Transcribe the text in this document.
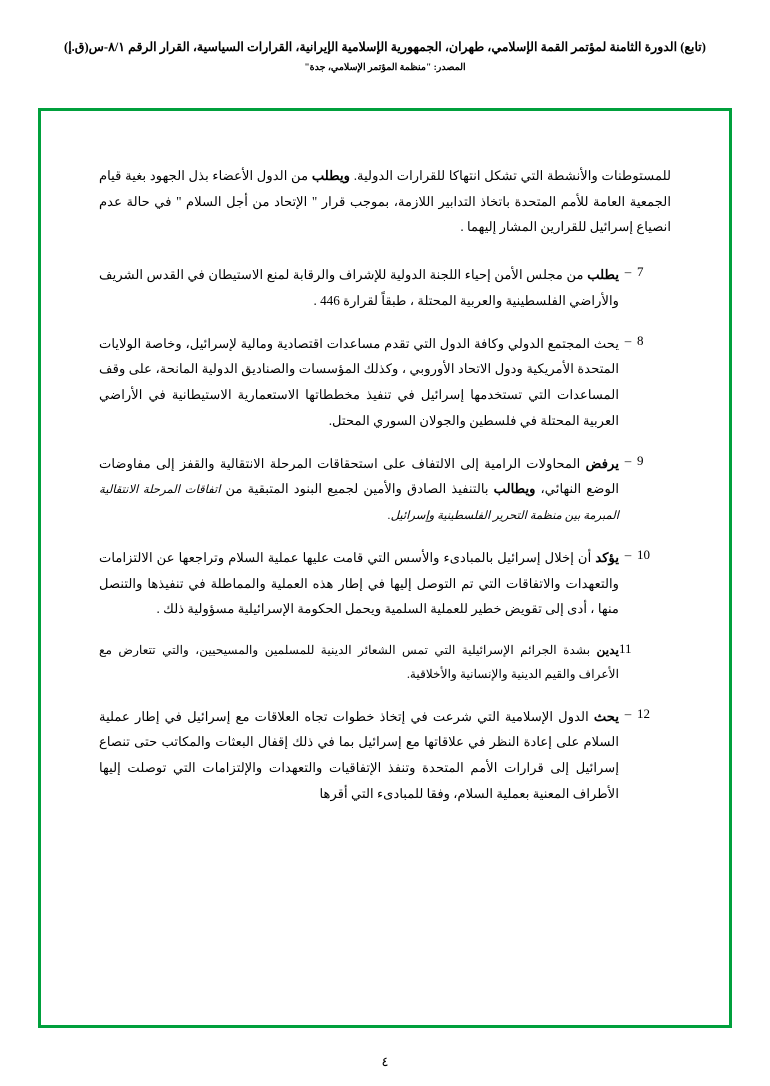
(تابع) الدورة الثامنة لمؤتمر القمة الإسلامي، طهران، الجمهورية الإسلامية الإيرانية، القرارات السياسية، القرار الرقم ٨/١-س(ق.إ)
المصدر: "منظمة المؤتمر الإسلامي، جدة"
للمستوطنات والأنشطة التي تشكل انتهاكا للقرارات الدولية. ويطلب من الدول الأعضاء بذل الجهود بغية قيام الجمعية العامة للأمم المتحدة باتخاذ التدابير اللازمة، بموجب قرار " الإتحاد من أجل السلام " في حالة عدم انصياع إسرائيل للقرارين المشار إليهما .
7
–
يطلب من مجلس الأمن إحياء اللجنة الدولية للإشراف والرقابة لمنع الاستيطان في القدس الشريف والأراضي الفلسطينية والعربية المحتلة ، طبقاً لقرارة 446 .
8
–
يحث المجتمع الدولي وكافة الدول التي تقدم مساعدات اقتصادية ومالية لإسرائيل، وخاصة الولايات المتحدة الأمريكية ودول الاتحاد الأوروبي ، وكذلك المؤسسات والصناديق الدولية المانحة، على وقف المساعدات التي تستخدمها إسرائيل في تنفيذ مخططاتها الاستعمارية الاستيطانية في الأراضي العربية المحتلة في فلسطين والجولان السوري المحتل.
9
–
يرفض المحاولات الرامية إلى الالتفاف على استحقاقات المرحلة الانتقالية والقفز إلى مفاوضات الوضع النهائي، ويطالب بالتنفيذ الصادق والأمين لجميع البنود المتبقية من اتفاقات المرحلة الانتقالية المبرمة بين منظمة التحرير الفلسطينية وإسرائيل.
10
–
يؤكد أن إخلال إسرائيل بالمبادىء والأسس التي قامت عليها عملية السلام وتراجعها عن الالتزامات والتعهدات والاتفاقات التي تم التوصل إليها في إطار هذه العملية والمماطلة في تنفيذها والتنصل منها ، أدى إلى تقويض خطير للعملية السلمية ويحمل الحكومة الإسرائيلية مسؤولية ذلك .
11
يدين بشدة الجرائم الإسرائيلية التي تمس الشعائر الدينية للمسلمين والمسيحيين، والتي تتعارض مع الأعراف والقيم الدينية والإنسانية والأخلاقية.
12
–
يحث الدول الإسلامية التي شرعت في إتخاذ خطوات تجاه العلاقات مع إسرائيل في إطار عملية السلام على إعادة النظر في علاقاتها مع إسرائيل بما في ذلك إقفال البعثات والمكاتب حتى تنصاع إسرائيل إلى قرارات الأمم المتحدة وتنفذ الإتفاقيات والتعهدات والإلتزامات التي توصلت إليها الأطراف المعنية بعملية السلام، وفقا للمبادىء التي أقرها
٤
